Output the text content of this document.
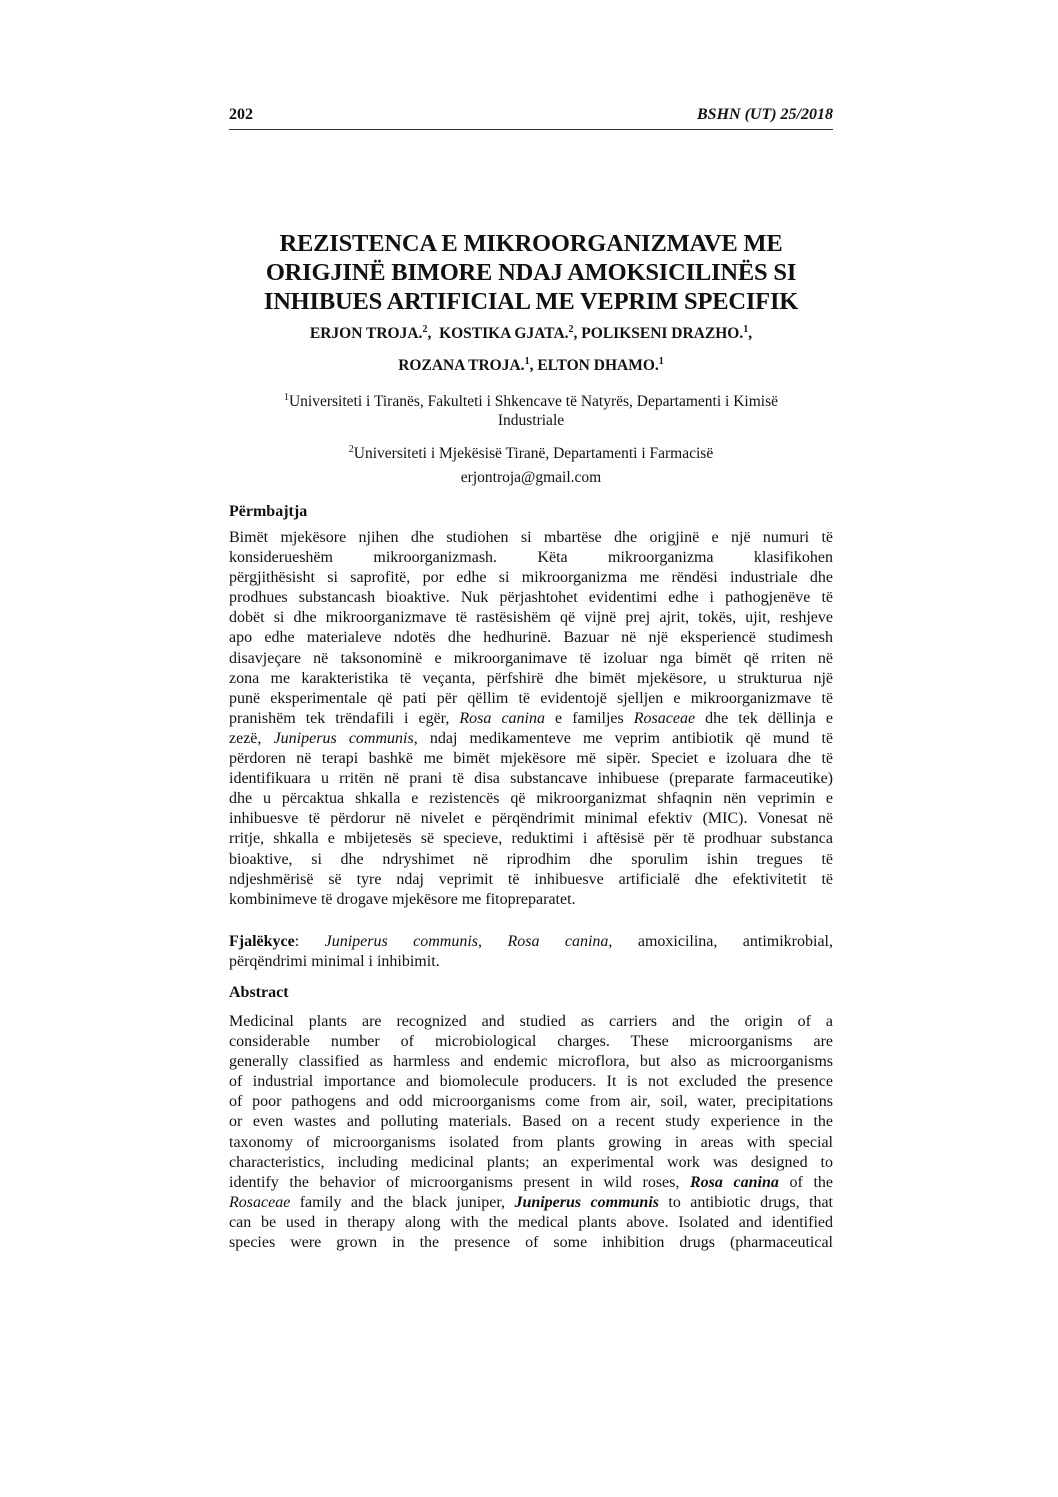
202	BSHN (UT) 25/2018
REZISTENCA E MIKROORGANIZMAVE ME
ORIGJINË BIMORE NDAJ AMOKSICILINËS SI
INHIBUES ARTIFICIAL ME VEPRIM SPECIFIK
ERJON TROJA.$^2$,  KOSTIKA GJATA.$^2$, POLIKSENI DRAZHO.$^1$,
ROZANA TROJA.$^1$, ELTON DHAMO.$^1$
$^1$Universiteti i Tiranës, Fakulteti i Shkencave të Natyrës, Departamenti i Kimisë
Industriale
$^2$Universiteti i Mjekësisë Tiranë, Departamenti i Farmacisë
erjontroja@gmail.com
Përmbajtja
Bimët mjekësore njihen dhe studiohen si mbartëse dhe origjinë e një numuri të
konsiderueshëm mikroorganizmash. Këta mikroorganizma klasifikohen
përgjithësisht si saprofitë, por edhe si mikroorganizma me rëndësi industriale dhe
prodhues substancash bioaktive. Nuk përjashtohet evidentimi edhe i pathogjenëve të
dobët si dhe mikroorganizmave të rastësishëm që vijnë prej ajrit, tokës, ujit, reshjeve
apo edhe materialeve ndotës dhe hedhurinë. Bazuar në një eksperiencë studimesh
disavjeçare në taksonominë e mikroorganimave të izoluar nga bimët që rriten në
zona me karakteristika të veçanta, përfshirë dhe bimët mjekësore, u strukturua një
punë eksperimentale që pati për qëllim të evidentojë sjelljen e mikroorganizmave të
pranishëm tek trëndafili i egër, Rosa canina e familjes Rosaceae dhe tek dëllinja e
zezë, Juniperus communis, ndaj medikamenteve me veprim antibiotik që mund të
përdoren në terapi bashkë me bimët mjekësore më sipër. Speciet e izoluara dhe të
identifikuara u rritën në prani të disa substancave inhibuese (preparate farmaceutike)
dhe u përcaktua shkalla e rezistencës që mikroorganizmat shfaqnin nën veprimin e
inhibuesve të përdorur në nivelet e përqëndrimit minimal efektiv (MIC). Vonesat në
rritje, shkalla e mbijetesës së specieve, reduktimi i aftësisë për të prodhuar substanca
bioaktive, si dhe ndryshimet në riprodhim dhe sporulim ishin tregues të
ndjeshmërisë së tyre ndaj veprimit të inhibuesve artificialë dhe efektivitetit të
kombinimeve të drogave mjekësore me fitopreparatet.
Fjalëkyce: Juniperus communis, Rosa canina, amoxicilina, antimikrobial,
përqëndrimi minimal i inhibimit.
Abstract
Medicinal plants are recognized and studied as carriers and the origin of a
considerable number of microbiological charges. These microorganisms are
generally classified as harmless and endemic microflora, but also as microorganisms
of industrial importance and biomolecule producers. It is not excluded the presence
of poor pathogens and odd microorganisms come from air, soil, water, precipitations
or even wastes and polluting materials. Based on a recent study experience in the
taxonomy of microorganisms isolated from plants growing in areas with special
characteristics, including medicinal plants; an experimental work was designed to
identify the behavior of microorganisms present in wild roses, Rosa canina of the
Rosaceae family and the black juniper, Juniperus communis to antibiotic drugs, that
can be used in therapy along with the medical plants above. Isolated and identified
species were grown in the presence of some inhibition drugs (pharmaceutical
